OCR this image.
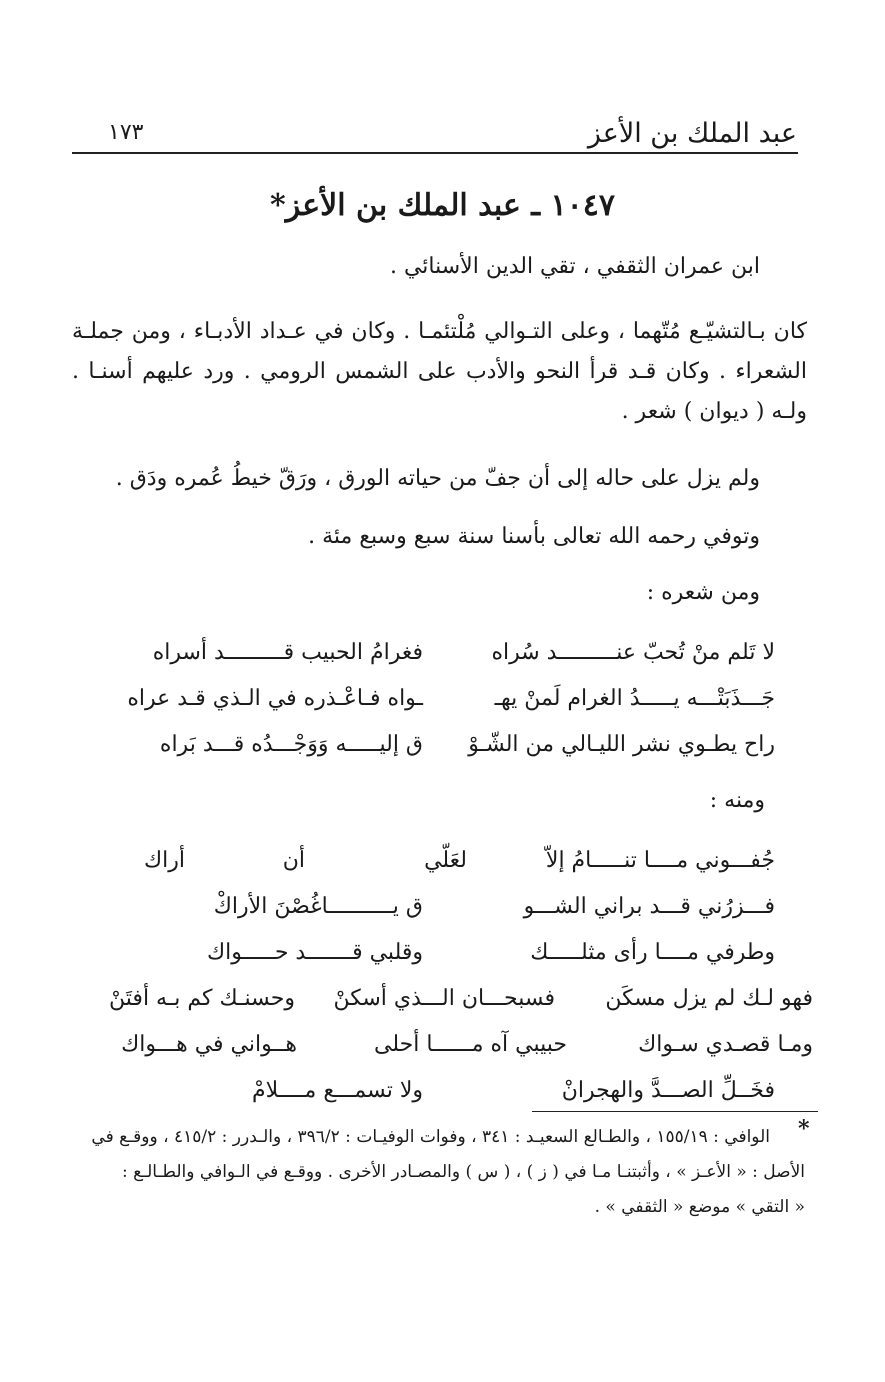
عبد الملك بن الأعز
١٧٣
١٠٤٧ ـ عبد الملك بن الأعز*
ابن عمران الثقفي ، تقي الدين الأسنائي .
كان بـالتشيّـع مُتّهما ، وعلى التـوالي مُلْتئمـا . وكان في عـداد الأدبـاء ، ومن جملـة الشعراء . وكان قـد قرأ النحو والأدب على الشمس الرومي . ورد عليهم أسنـا . ولـه ( ديوان ) شعر .
ولم يزل على حاله إلى أن جفّ من حياته الورق ، ورَقّ خيطُ عُمره ودَق .
وتوفي رحمه الله تعالى بأسنا سنة سبع وسبع مئة .
ومن شعره :
لا تَلم منْ تُحبّ عنـــــــــد سُراه
فغرامُ الحبيب قـــــــــد أسراه
جَـــذَبَتْـــه يـــــدُ الغرام لَمنْ يهـ
ـواه فـاعْـذره في الـذي قـد عراه
راح يطـوي نشر الليـالي من الشّـوْ
ق إليـــــه وَوَجْـــدُه قـــد بَراه
ومنه :
جُفـــوني مــــا تنـــــامُ إلاّ
لعَلّي
أن
أراك
فـــزرُني قـــد براني الشـــو
ق يــــــــــاغُصْنَ الأراكْ
وطرفي مــــا رأى مثلـــــك
وقلبي قـــــــد حـــــواك
فهو لـك لم يزل مسكَن
فسبحـــان الـــذي أسكنْ
وحسنـك كم بـه أفتَنْ
ومـا قصـدي سـواك
حبيبي آه مــــــا أحلى
هــواني في هـــواك
فخَــلِّ الصـــدَّ والهجرانْ
ولا تسمـــع مــــلامْ
*
الوافي : ١٥٥/١٩ ، والطـالع السعيـد : ٣٤١ ، وفوات الوفيـات : ٣٩٦/٢ ، والـدرر : ٤١٥/٢ ، ووقـع في
الأصل : « الأعـز » ، وأثبتنـا مـا في ( ز ) ، ( س ) والمصـادر الأخرى . ووقـع في الـوافي والطـالـع :
« التقي » موضع « الثقفي » .
